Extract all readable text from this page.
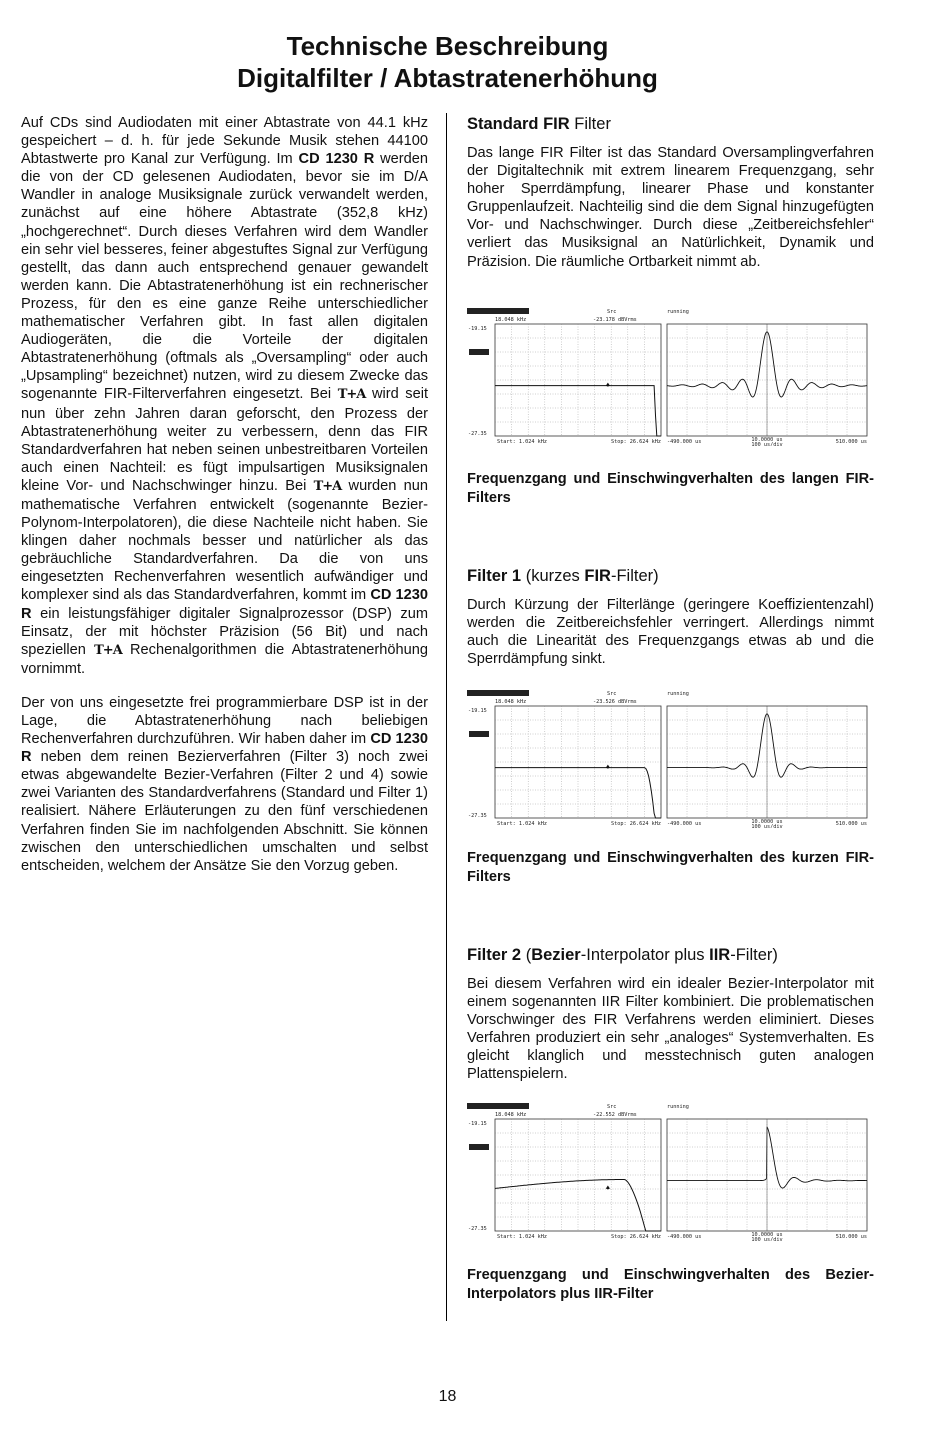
Technische Beschreibung
Digitalfilter / Abtastratenerhöhung

Auf CDs sind Audiodaten mit einer Abtastrate von 44.1 kHz gespeichert – d. h. für jede Sekunde Musik stehen 44100 Abtastwerte pro Kanal zur Verfügung. Im CD 1230 R werden die von der CD gelesenen Audiodaten, bevor sie im D/A Wandler in analoge Musiksignale zurück verwandelt werden, zunächst auf eine höhere Abtastrate (352,8 kHz) „hochgerechnet“. Durch dieses Verfahren wird dem Wandler ein sehr viel besseres, feiner abgestuftes Signal zur Verfügung gestellt, das dann auch entsprechend genauer gewandelt werden kann. Die Abtastratenerhöhung ist ein rechnerischer Prozess, für den es eine ganze Reihe unterschiedlicher mathematischer Verfahren gibt. In fast allen digitalen Audiogeräten, die die Vorteile der digitalen Abtastratenerhöhung (oftmals als „Oversampling“ oder auch „Upsampling“ bezeichnet) nutzen, wird zu diesem Zwecke das sogenannte FIR-Filterverfahren eingesetzt. Bei T+A wird seit nun über zehn Jahren daran geforscht, den Prozess der Abtastratenerhöhung weiter zu verbessern, denn das FIR Standardverfahren hat neben seinen unbestreitbaren Vorteilen auch einen Nachteil: es fügt impulsartigen Musiksignalen kleine Vor- und Nachschwinger hinzu. Bei T+A wurden nun mathematische Verfahren entwickelt (sogenannte Bezier-Polynom-Interpolatoren), die diese Nachteile nicht haben. Sie klingen daher nochmals besser und natürlicher als das gebräuchliche Standardverfahren. Da die von uns eingesetzten Rechenverfahren wesentlich aufwändiger und komplexer sind als das Standardverfahren, kommt im CD 1230 R ein leistungsfähiger digitaler Signalprozessor (DSP) zum Einsatz, der mit höchster Präzision (56 Bit) und nach speziellen T+A Rechenalgorithmen die Abtastratenerhöhung vornimmt.

Der von uns eingesetzte frei programmierbare DSP ist in der Lage, die Abtastratenerhöhung nach beliebigen Rechenverfahren durchzuführen. Wir haben daher im CD 1230 R neben dem reinen Bezierverfahren (Filter 3) noch zwei etwas abgewandelte Bezier-Verfahren (Filter 2 und 4) sowie zwei Varianten des Standardverfahrens (Standard und Filter 1) realisiert. Nähere Erläuterungen zu den fünf verschiedenen Verfahren finden Sie im nachfolgenden Abschnitt. Sie können zwischen den unterschiedlichen umschalten und selbst entscheiden, welchem der Ansätze Sie den Vorzug geben.

Standard FIR Filter

Das lange FIR Filter ist das Standard Oversamplingverfahren der Digitaltechnik mit extrem linearem Frequenzgang, sehr hoher Sperrdämpfung, linearer Phase und konstanter Gruppenlaufzeit. Nachteilig sind die dem Signal hinzugefügten Vor- und Nachschwinger. Durch diese „Zeitbereichsfehler“ verliert das Musiksignal an Natürlichkeit, Dynamik und Präzision. Die räumliche Ortbarkeit nimmt ab.

Src
18.048 kHz	-23.178 dBVrms
-19.15
-27.35
Start: 1.024 kHz	Stop: 26.624 kHz
running
-490.000 us	10.0000 us
100 us/div	510.000 us
Frequenzgang und Einschwingverhalten des langen FIR-Filters
Filter 1 (kurzes FIR-Filter)

Durch Kürzung der Filterlänge (geringere Koeffizientenzahl) werden die Zeitbereichsfehler verringert. Allerdings nimmt auch die Linearität des Frequenzgangs etwas ab und die Sperrdämpfung sinkt.

Src
18.048 kHz	-23.526 dBVrms
-19.15
-27.35
Start: 1.024 kHz	Stop: 26.624 kHz
running
-490.000 us	10.0000 us
100 us/div	510.000 us
Frequenzgang und Einschwingverhalten des kurzen FIR-Filters
Filter 2 (Bezier-Interpolator plus IIR-Filter)

Bei diesem Verfahren wird ein idealer Bezier-Interpolator mit einem sogenannten IIR Filter kombiniert. Die problematischen Vorschwinger des FIR Verfahrens werden eliminiert. Dieses Verfahren produziert ein sehr „analoges“ Systemverhalten. Es gleicht klanglich und messtechnisch guten analogen Plattenspielern.

Src
18.048 kHz	-22.552 dBVrms
-19.15
-27.35
Start: 1.024 kHz	Stop: 26.624 kHz
running
-490.000 us	10.0000 us
100 us/div	510.000 us
Frequenzgang und Einschwingverhalten des Bezier-Interpolators plus IIR-Filter
18
